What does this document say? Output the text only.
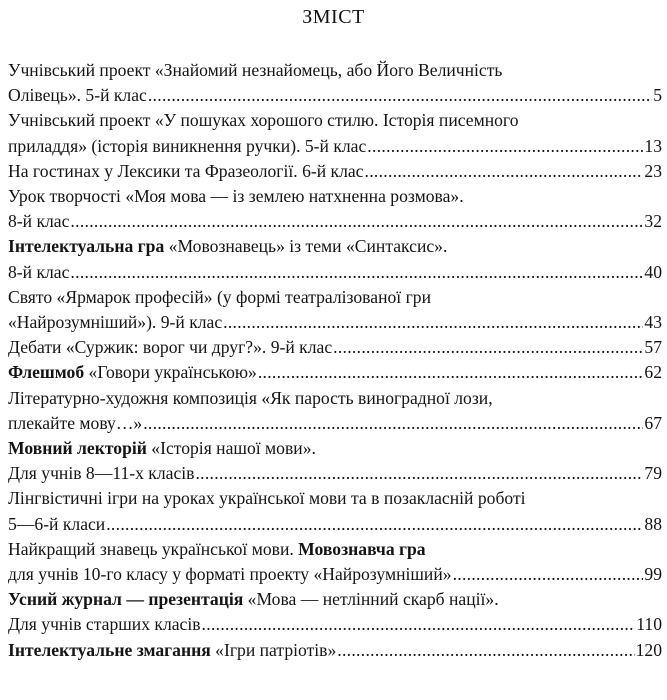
ЗМІСТ
Учнівський проект «Знайомий незнайомець, або Його Величність
Олівець». 5-й клас .....	5
Учнівський проект «У пошуках хорошого стилю. Історія писемного
приладдя» (історія виникнення ручки). 5-й клас .....	13
На гостинах у Лексики та Фразеології. 6-й клас .....	23
Урок творчості «Моя мова — із землею натхненна розмова».
8-й клас .....	32
Інтелектуальна гра «Мовознавець» із теми «Синтаксис».
8-й клас .....	40
Свято «Ярмарок професій» (у формі театралізованої гри
«Найрозумніший»). 9-й клас .....	43
Дебати «Суржик: ворог чи друг?». 9-й клас .....	57
Флешмоб «Говори українською» .....	62
Літературно-художня композиція «Як парость виноградної лози,
плекайте мову…» .....	67
Мовний лекторій «Історія нашої мови».
Для учнів 8—11-х класів .....	79
Лінгвістичні ігри на уроках української мови та в позакласній роботі
5—6-й класи .....	88
Найкращий знавець української мови. Мовознавча гра
для учнів 10-го класу у форматі проекту «Найрозумніший» .....	99
Усний журнал — презентація «Мова — нетлінний скарб нації».
Для учнів старших класів .....	110
Інтелектуальне змагання «Ігри патріотів» .....	120
